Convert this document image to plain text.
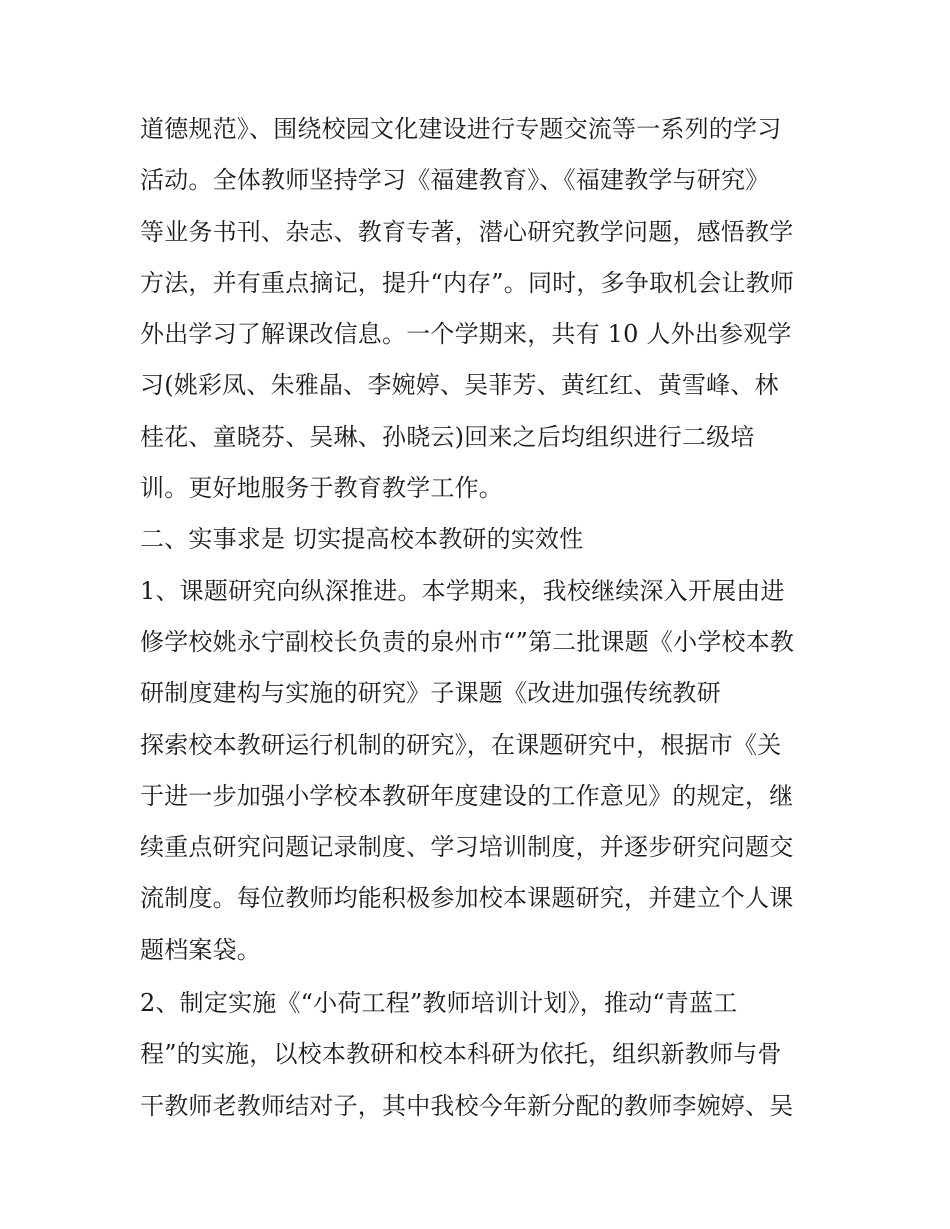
道德规范》、围绕校园文化建设进行专题交流等一系列的学习
活动。全体教师坚持学习《福建教育》、《福建教学与研究》
等业务书刊、杂志、教育专著，潜心研究教学问题，感悟教学
方法，并有重点摘记，提升“内存”。同时，多争取机会让教师
外出学习了解课改信息。一个学期来，共有 10 人外出参观学
习(姚彩凤、朱雅晶、李婉婷、吴菲芳、黄红红、黄雪峰、林
桂花、童晓芬、吴琳、孙晓云)回来之后均组织进行二级培
训。更好地服务于教育教学工作。
二、实事求是 切实提高校本教研的实效性
1、课题研究向纵深推进。本学期来，我校继续深入开展由进
修学校姚永宁副校长负责的泉州市“”第二批课题《小学校本教
研制度建构与实施的研究》子课题《改进加强传统教研
探索校本教研运行机制的研究》，在课题研究中，根据市《关
于进一步加强小学校本教研年度建设的工作意见》的规定，继
续重点研究问题记录制度、学习培训制度，并逐步研究问题交
流制度。每位教师均能积极参加校本课题研究，并建立个人课
题档案袋。
2、制定实施《“小荷工程”教师培训计划》，推动“青蓝工
程”的实施，以校本教研和校本科研为依托，组织新教师与骨
干教师老教师结对子，其中我校今年新分配的教师李婉婷、吴
